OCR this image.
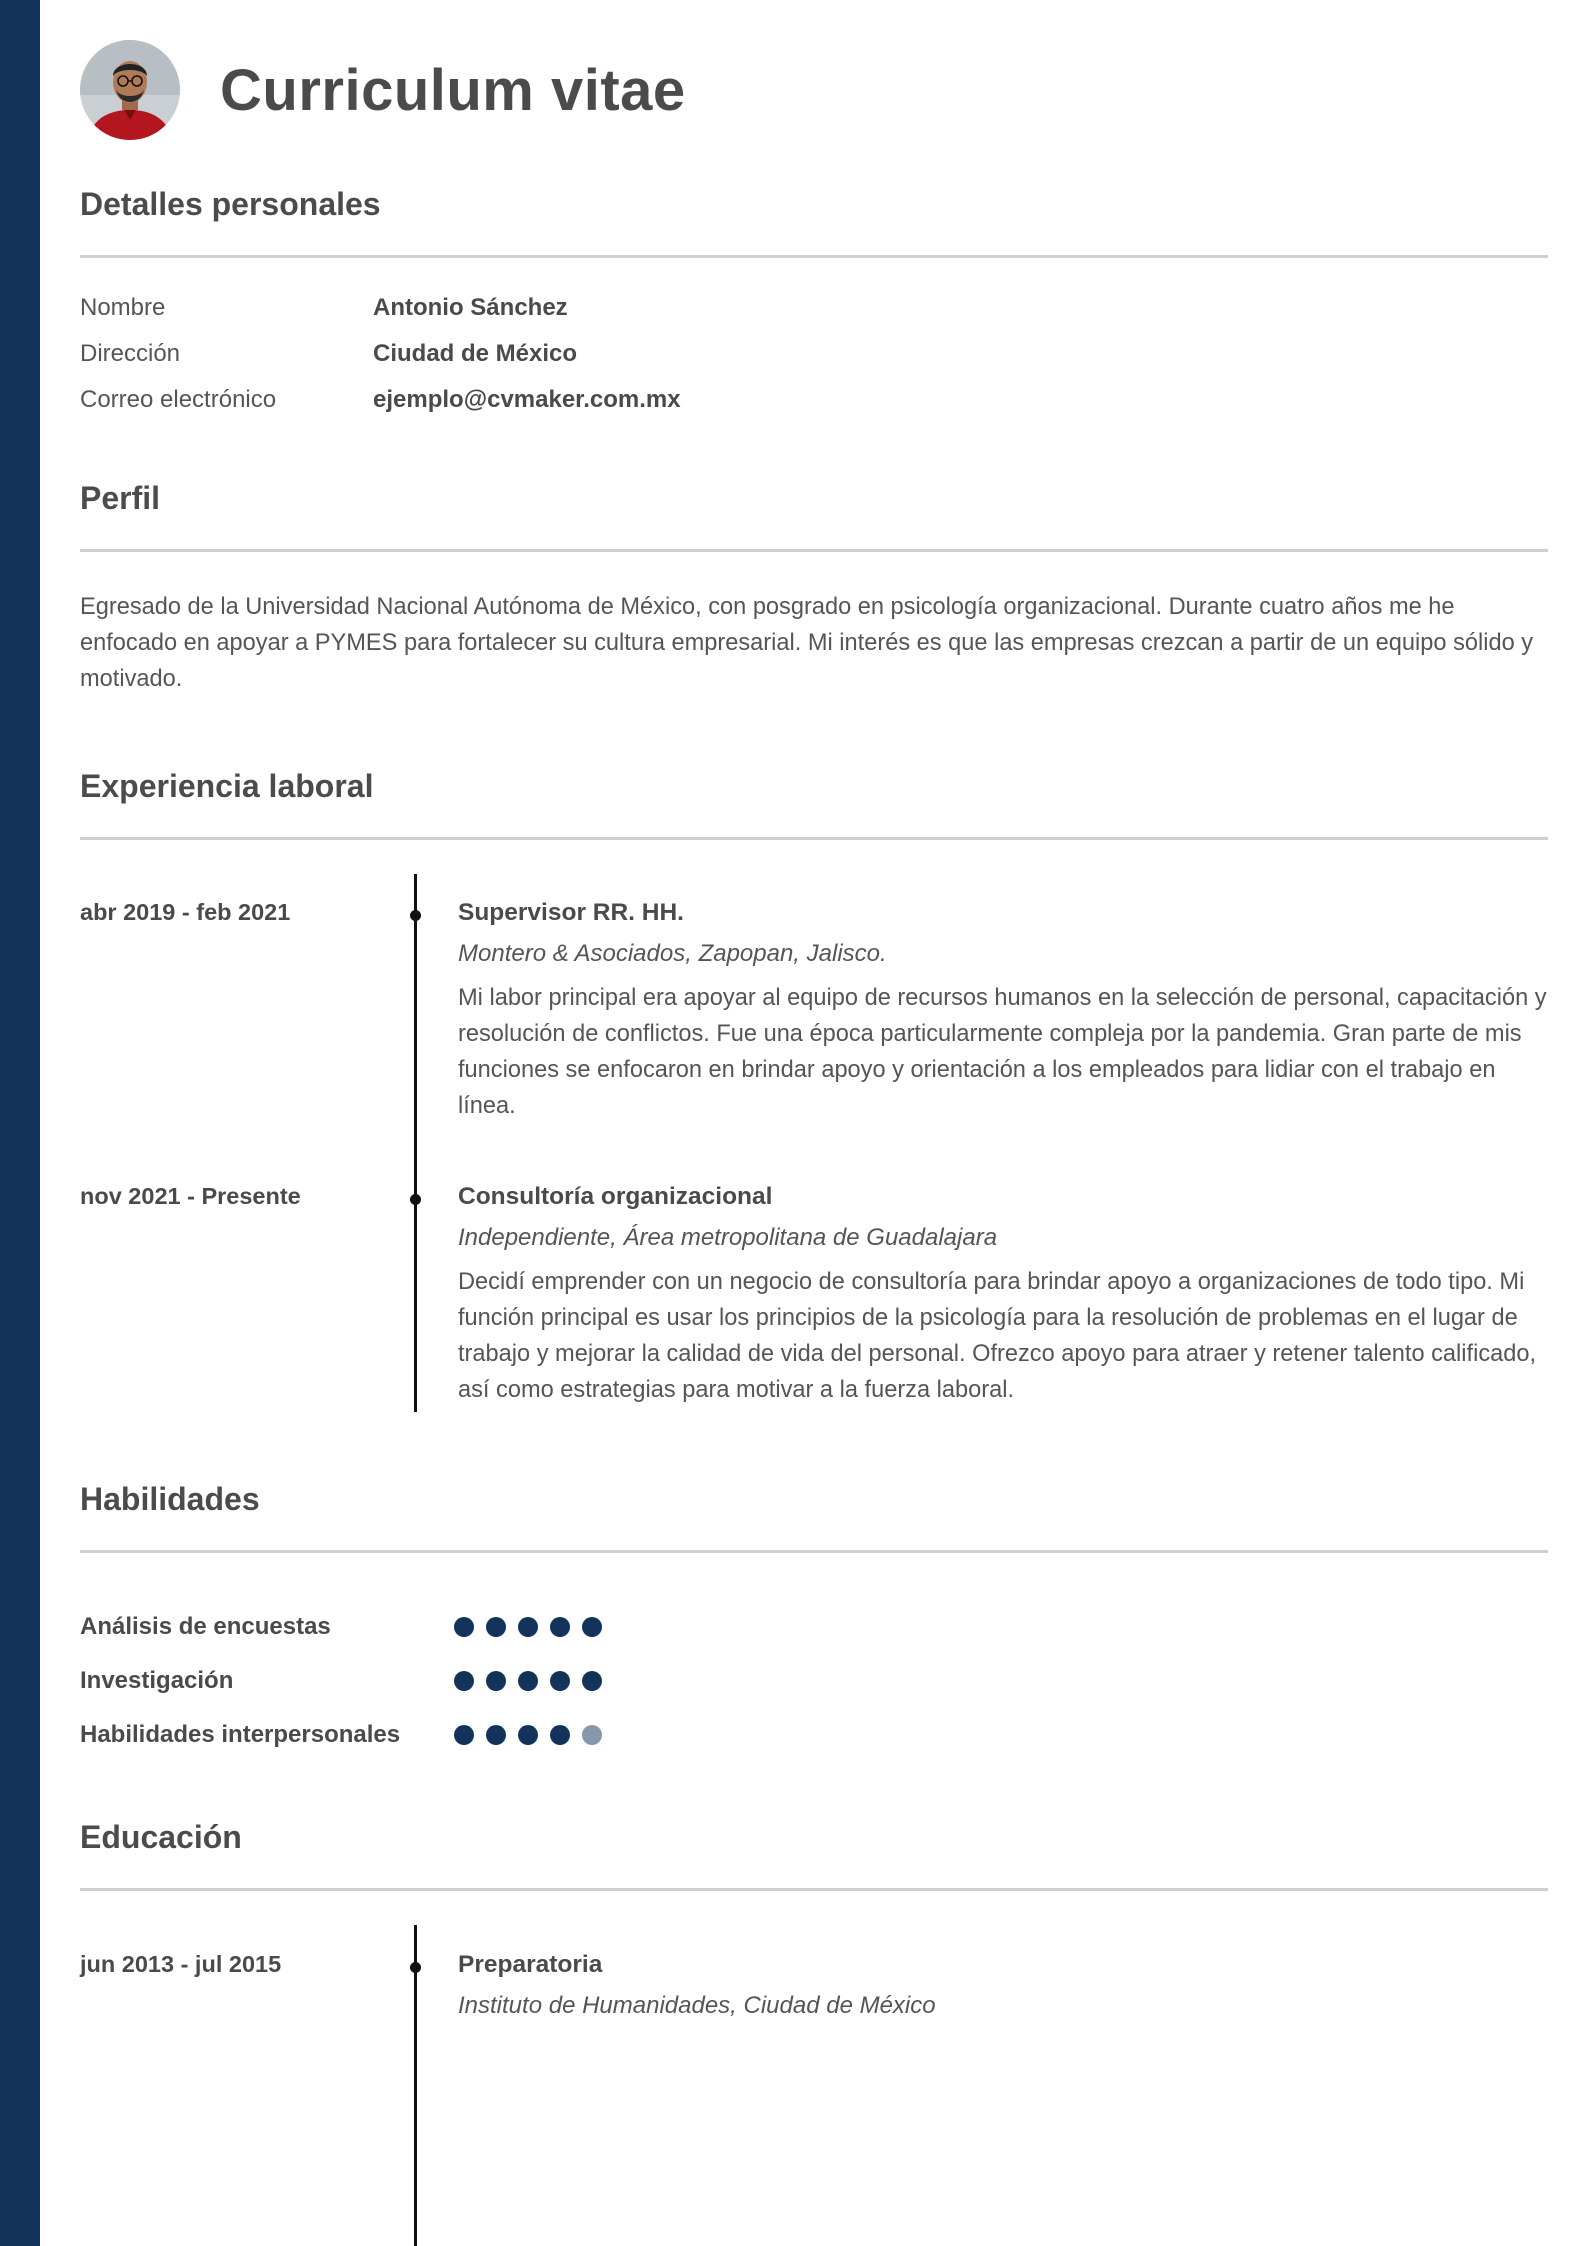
Curriculum vitae
Detalles personales
Nombre	Antonio Sánchez
Dirección	Ciudad de México
Correo electrónico	ejemplo@cvmaker.com.mx
Perfil
Egresado de la Universidad Nacional Autónoma de México, con posgrado en psicología organizacional. Durante cuatro años me he enfocado en apoyar a PYMES para fortalecer su cultura empresarial. Mi interés es que las empresas crezcan a partir de un equipo sólido y motivado.
Experiencia laboral
abr 2019 - feb 2021	Supervisor RR. HH.
Montero & Asociados, Zapopan, Jalisco.
Mi labor principal era apoyar al equipo de recursos humanos en la selección de personal, capacitación y resolución de conflictos. Fue una época particularmente compleja por la pandemia. Gran parte de mis funciones se enfocaron en brindar apoyo y orientación a los empleados para lidiar con el trabajo en línea.
nov 2021 - Presente	Consultoría organizacional
Independiente, Área metropolitana de Guadalajara
Decidí emprender con un negocio de consultoría para brindar apoyo a organizaciones de todo tipo. Mi función principal es usar los principios de la psicología para la resolución de problemas en el lugar de trabajo y mejorar la calidad de vida del personal. Ofrezco apoyo para atraer y retener talento calificado, así como estrategias para motivar a la fuerza laboral.
Habilidades
Análisis de encuestas
Investigación
Habilidades interpersonales
Educación
jun 2013 - jul 2015	Preparatoria
Instituto de Humanidades, Ciudad de México
